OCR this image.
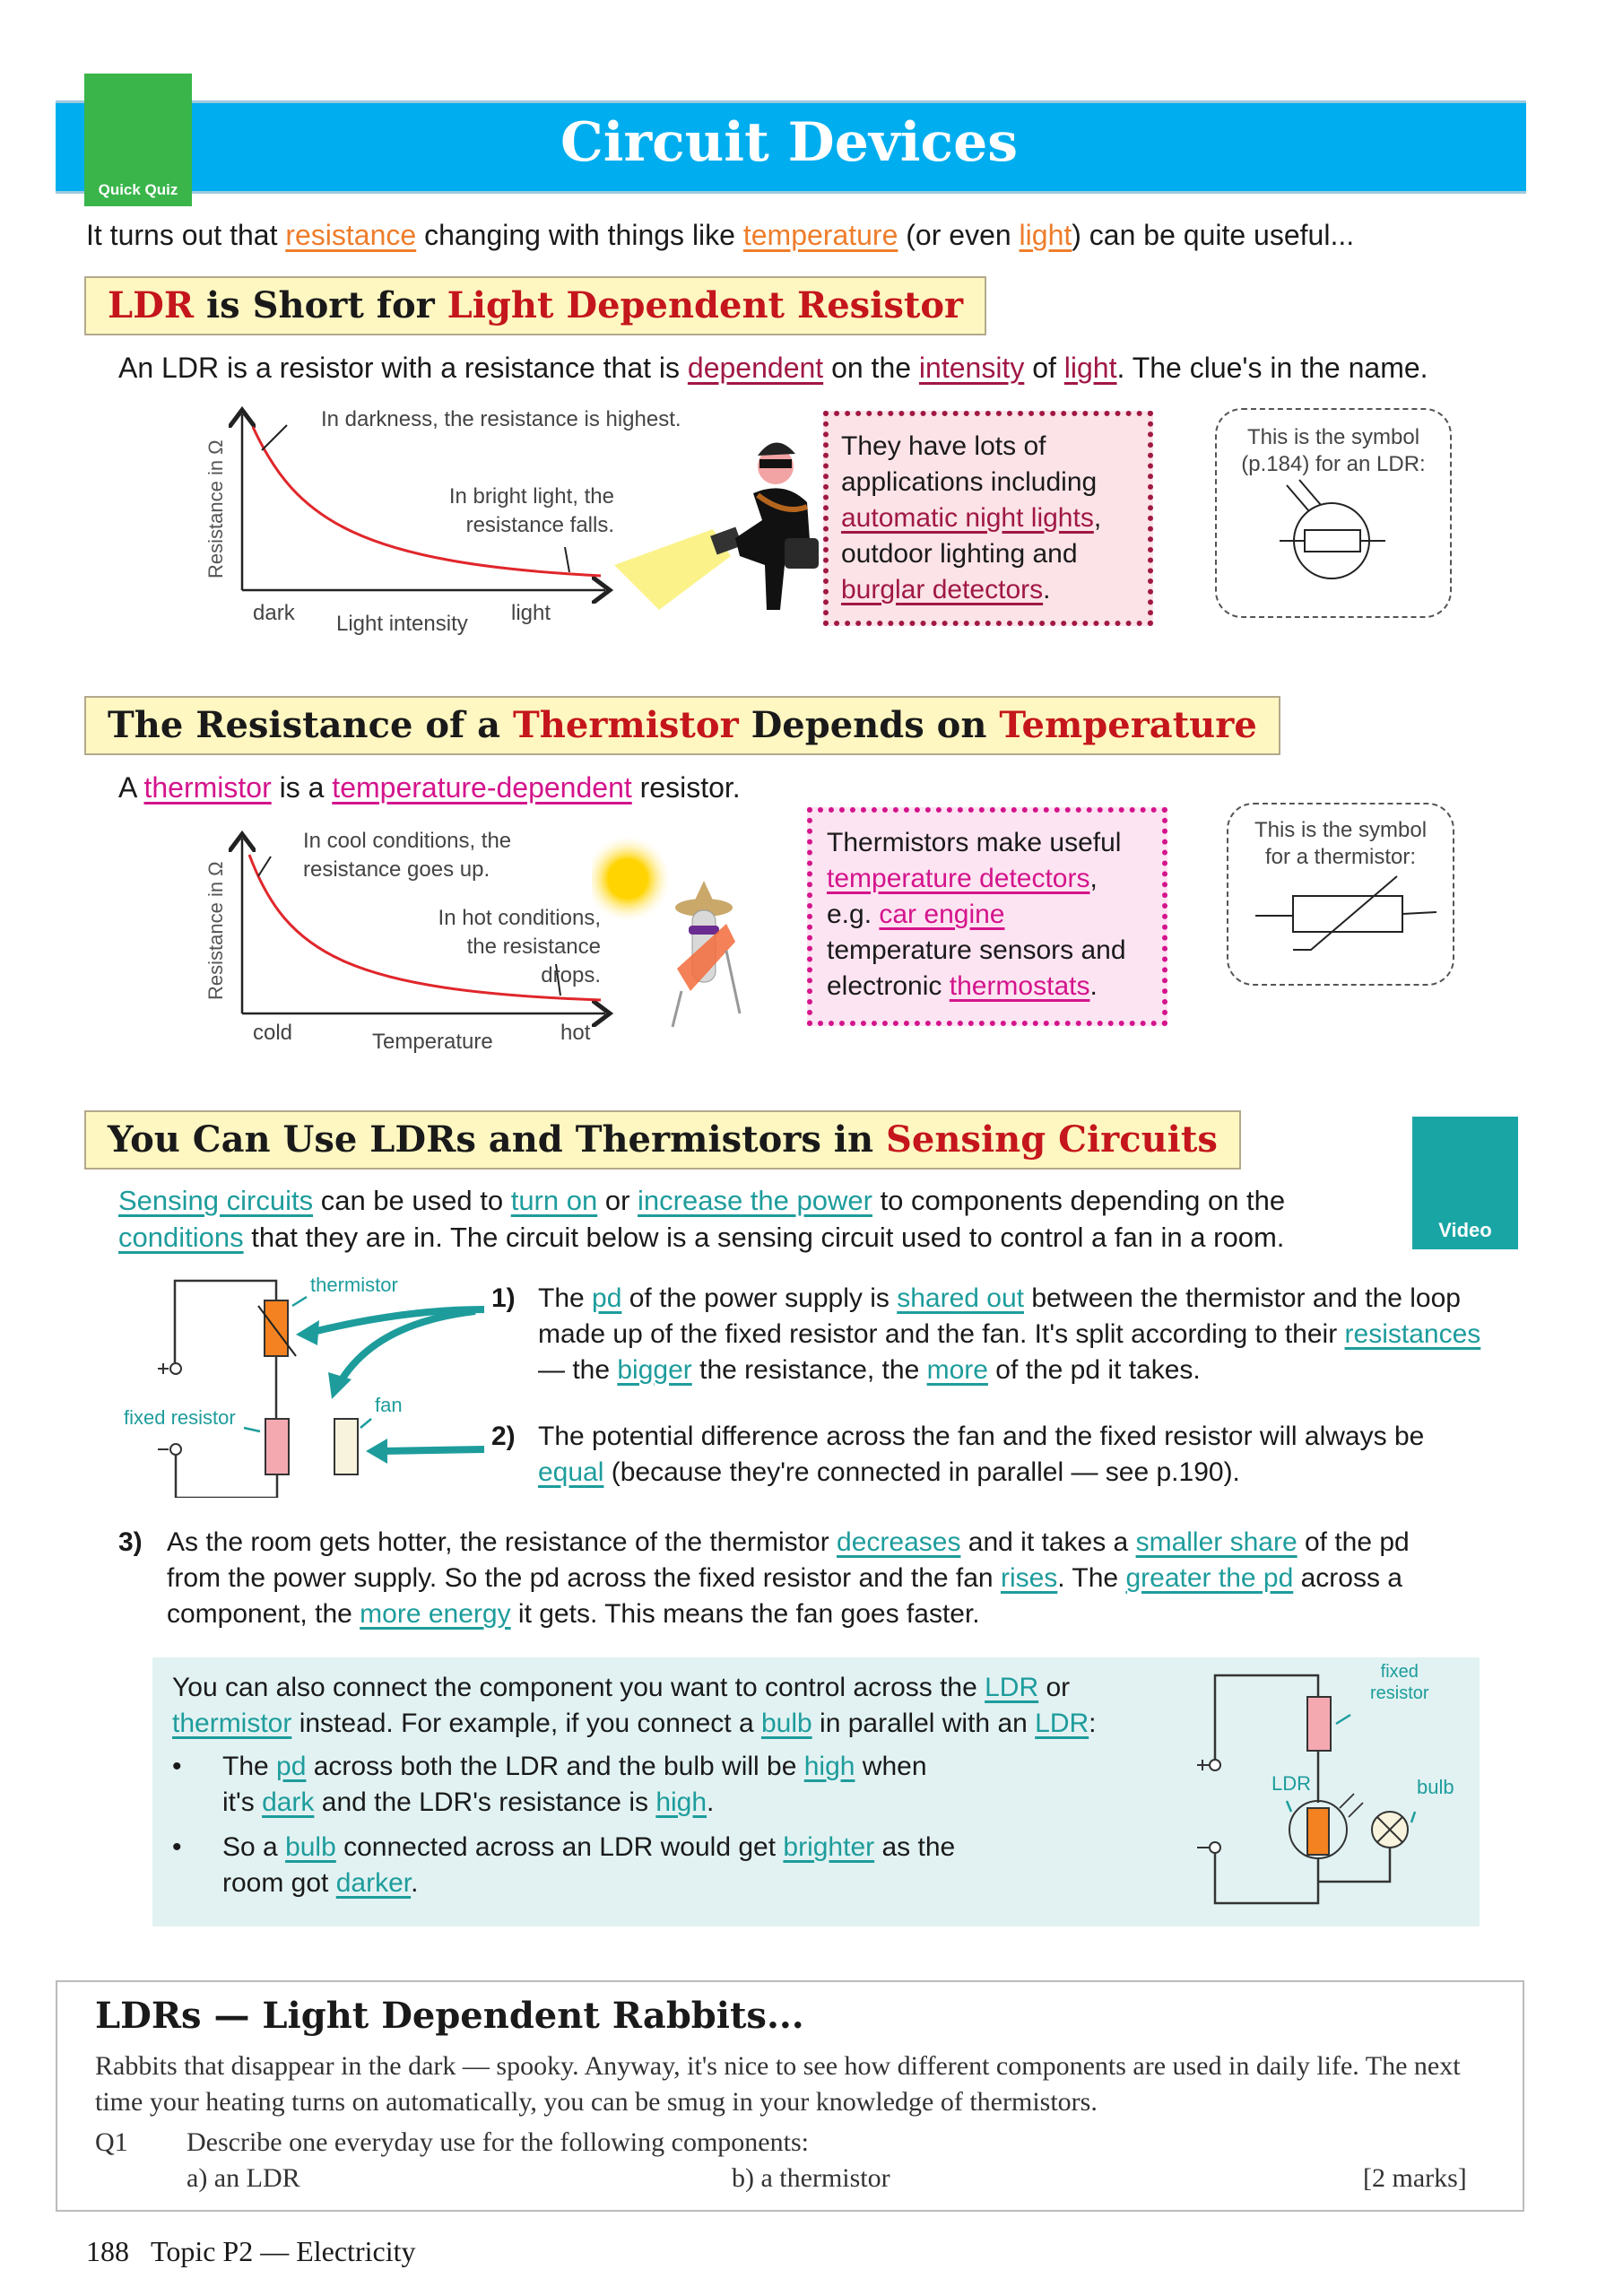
Circuit Devices
Quick Quiz
It turns out that resistance changing with things like temperature (or even light) can be quite useful...
LDR is Short for Light Dependent Resistor
An LDR is a resistor with a resistance that is dependent on the intensity of light. The clue's in the name.
Resistance in Ω
In darkness, the resistance is highest.
In bright light, the resistance falls.
dark Light intensity light
They have lots of applications including automatic night lights, outdoor lighting and burglar detectors.
This is the symbol (p.184) for an LDR:
The Resistance of a Thermistor Depends on Temperature
A thermistor is a temperature-dependent resistor.
Resistance in Ω
In cool conditions, the resistance goes up.
In hot conditions, the resistance drops.
cold	Temperature	hot
Thermistors make useful temperature detectors, e.g. car engine temperature sensors and electronic thermostats.
This is the symbol for a thermistor:
You Can Use LDRs and Thermistors in Sensing Circuits
Video
Sensing circuits can be used to turn on or increase the power to components depending on the conditions that they are in. The circuit below is a sensing circuit used to control a fan in a room.
thermistor
fixed resistor
fan
1) The pd of the power supply is shared out between the thermistor and the loop made up of the fixed resistor and the fan. It's split according to their resistances — the bigger the resistance, the more of the pd it takes.
2) The potential difference across the fan and the fixed resistor will always be equal (because they're connected in parallel — see p.190).
3) As the room gets hotter, the resistance of the thermistor decreases and it takes a smaller share of the pd from the power supply. So the pd across the fixed resistor and the fan rises. The greater the pd across a component, the more energy it gets. This means the fan goes faster.
You can also connect the component you want to control across the LDR or thermistor instead. For example, if you connect a bulb in parallel with an LDR:
•	The pd across both the LDR and the bulb will be high when it's dark and the LDR's resistance is high.
•	So a bulb connected across an LDR would get brighter as the room got darker.
fixed
resistor
LDR	bulb
LDRs — Light Dependent Rabbits...
Rabbits that disappear in the dark — spooky. Anyway, it's nice to see how different components are used in daily life. The next time your heating turns on automatically, you can be smug in your knowledge of thermistors.
Q1 Describe one everyday use for the following components:
a) an LDR	b) a thermistor	[2 marks]
188 Topic P2 — Electricity
